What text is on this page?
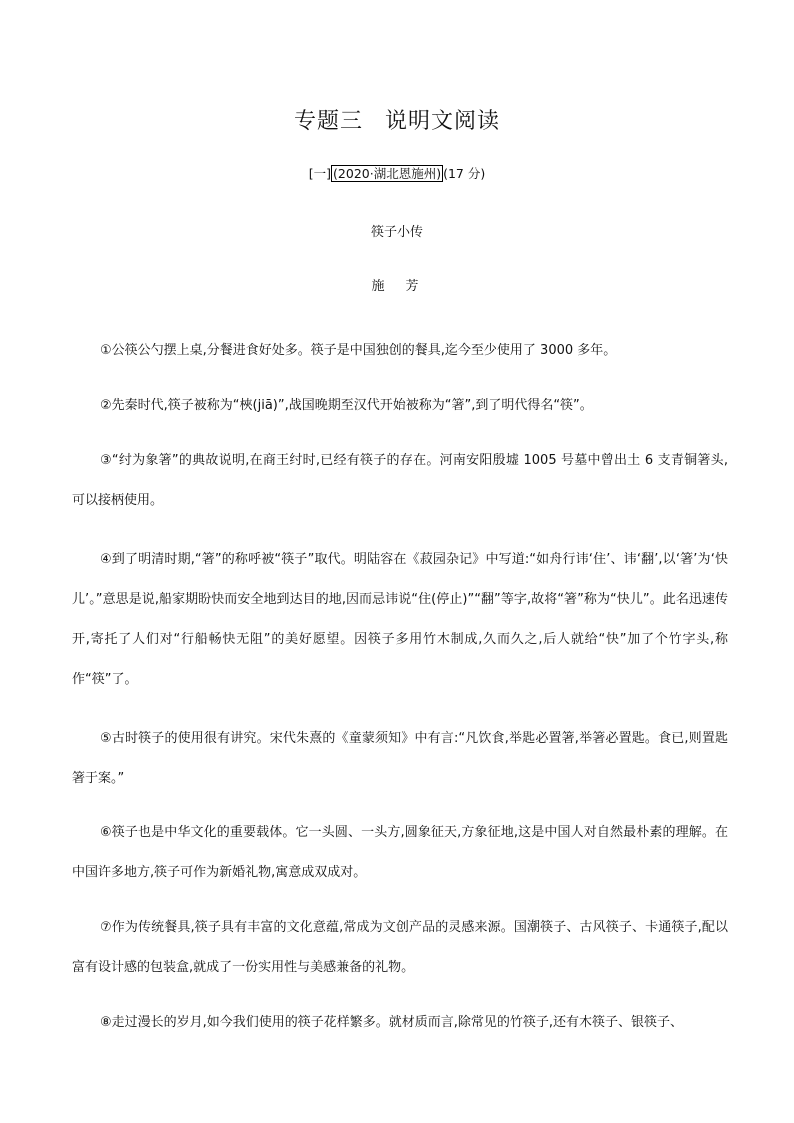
专题三 说明文阅读
[一] (2020·湖北恩施州) (17 分)
筷子小传
施　芳

①公筷公勺摆上桌,分餐进食好处多。筷子是中国独创的餐具,迄今至少使用了 3000 多年。

②先秦时代,筷子被称为“梜(jiā)”,战国晚期至汉代开始被称为“箸”,到了明代得名“筷”。

③“纣为象箸”的典故说明,在商王纣时,已经有筷子的存在。河南安阳殷墟 1005 号墓中曾出土 6 支青铜箸头,可以接柄使用。

④到了明清时期,“箸”的称呼被“筷子”取代。明陆容在《菽园杂记》中写道:“如舟行讳‘住’、讳‘翻’,以‘箸’为‘快儿’。”意思是说,船家期盼快而安全地到达目的地,因而忌讳说“住(停止)”“翻”等字,故将“箸”称为“快儿”。此名迅速传开,寄托了人们对“行船畅快无阻”的美好愿望。因筷子多用竹木制成,久而久之,后人就给“快”加了个竹字头,称作“筷”了。

⑤古时筷子的使用很有讲究。宋代朱熹的《童蒙须知》中有言:“凡饮食,举匙必置箸,举箸必置匙。食已,则置匙箸于案。”

⑥筷子也是中华文化的重要载体。它一头圆、一头方,圆象征天,方象征地,这是中国人对自然最朴素的理解。在中国许多地方,筷子可作为新婚礼物,寓意成双成对。

⑦作为传统餐具,筷子具有丰富的文化意蕴,常成为文创产品的灵感来源。国潮筷子、古风筷子、卡通筷子,配以富有设计感的包装盒,就成了一份实用性与美感兼备的礼物。

⑧走过漫长的岁月,如今我们使用的筷子花样繁多。就材质而言,除常见的竹筷子,还有木筷子、银筷子、
